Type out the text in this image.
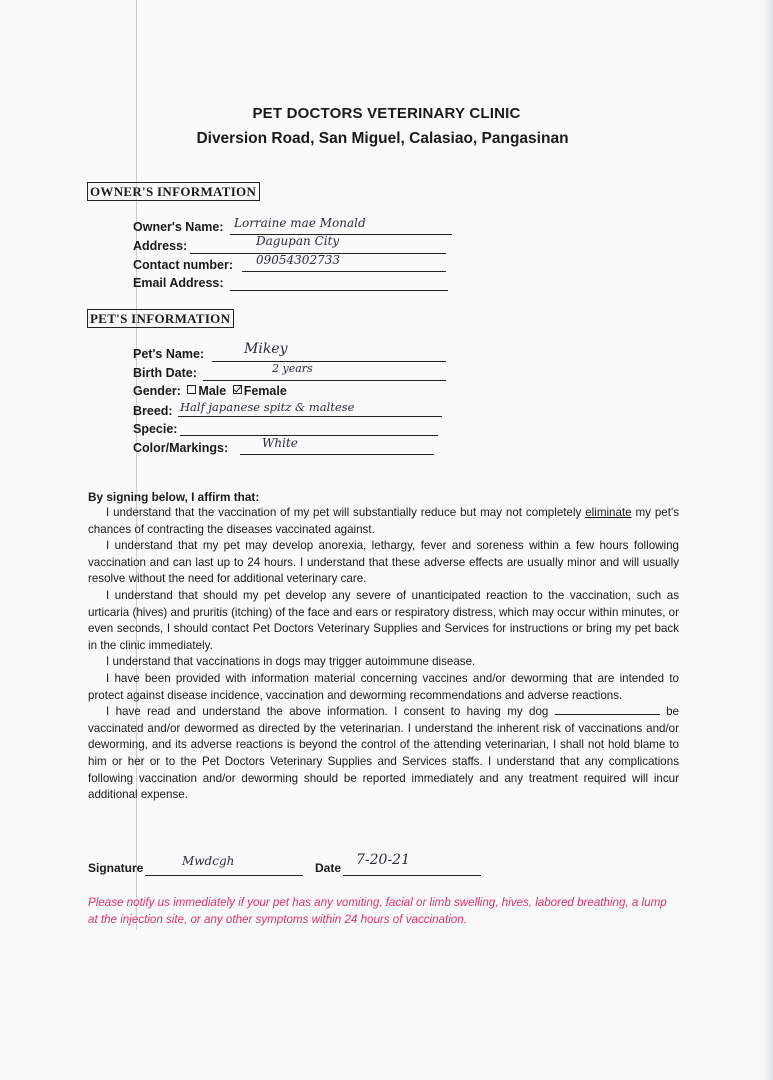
PET DOCTORS VETERINARY CLINIC
Diversion Road, San Miguel, Calasiao, Pangasinan
OWNER'S INFORMATION
Owner's Name: Lorraine mae Monald
Address:	Dagupan City
Contact number: 09054302733
Email Address:
PET'S INFORMATION
Pet's Name:	Mikey
Birth Date:	2 years
Gender: Male Female
Breed: Half japanese spitz & maltese
Specie:
Color/Markings:	White
By signing below, I affirm that:

I understand that the vaccination of my pet will substantially reduce but may not completely eliminate my pet's chances of contracting the diseases vaccinated against.

I understand that my pet may develop anorexia, lethargy, fever and soreness within a few hours following vaccination and can last up to 24 hours. I understand that these adverse effects are usually minor and will usually resolve without the need for additional veterinary care.

I understand that should my pet develop any severe of unanticipated reaction to the vaccination, such as urticaria (hives) and pruritis (itching) of the face and ears or respiratory distress, which may occur within minutes, or even seconds, I should contact Pet Doctors Veterinary Supplies and Services for instructions or bring my pet back in the clinic immediately.

I understand that vaccinations in dogs may trigger autoimmune disease.

I have been provided with information material concerning vaccines and/or deworming that are intended to protect against disease incidence, vaccination and deworming recommendations and adverse reactions.

I have read and understand the above information. I consent to having my dog	be vaccinated and/or dewormed as directed by the veterinarian. I understand the inherent risk of vaccinations and/or deworming, and its adverse reactions is beyond the control of the attending veterinarian, I shall not hold blame to him or her or to the Pet Doctors Veterinary Supplies and Services staffs. I understand that any complications following vaccination and/or deworming should be reported immediately and any treatment required will incur additional expense.

Signature	Mwdcgh	Date 7-20-21
Please notify us immediately if your pet has any vomiting, facial or limb swelling, hives, labored breathing, a lump at the injection site, or any other symptoms within 24 hours of vaccination.
